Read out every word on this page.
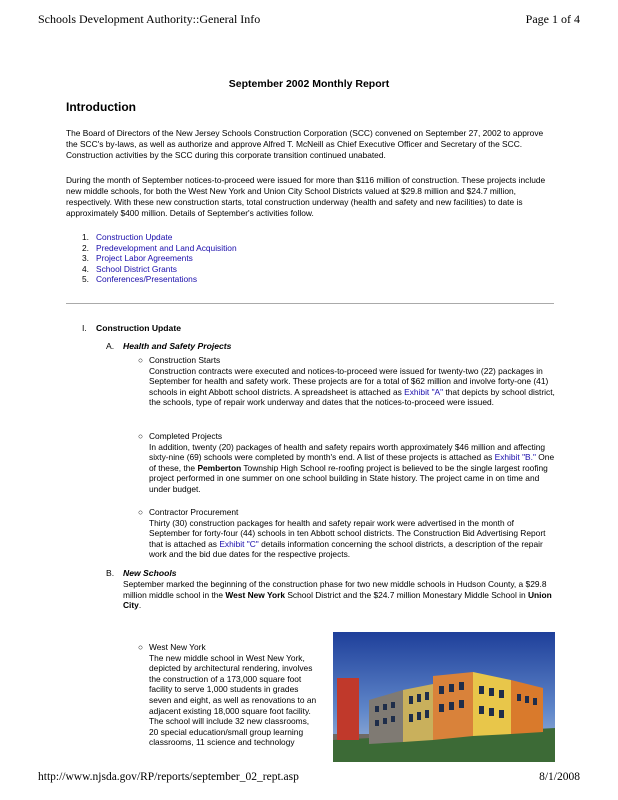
Schools Development Authority::General Info	Page 1 of 4
September 2002 Monthly Report
Introduction
The Board of Directors of the New Jersey Schools Construction Corporation (SCC) convened on September 27, 2002 to approve the SCC's by-laws, as well as authorize and approve Alfred T. McNeill as Chief Executive Officer and Secretary of the SCC. Construction activities by the SCC during this corporate transition continued unabated.
During the month of September notices-to-proceed were issued for more than $116 million of construction. These projects include new middle schools, for both the West New York and Union City School Districts valued at $29.8 million and $24.7 million, respectively. With these new construction starts, total construction underway (health and safety and new facilities) to date is approximately $400 million. Details of September's activities follow.
1. Construction Update
2. Predevelopment and Land Acquisition
3. Project Labor Agreements
4. School District Grants
5. Conferences/Presentations
I. Construction Update
A. Health and Safety Projects
○ Construction Starts
Construction contracts were executed and notices-to-proceed were issued for twenty-two (22) packages in September for health and safety work. These projects are for a total of $62 million and involve forty-one (41) schools in eight Abbott school districts. A spreadsheet is attached as Exhibit "A" that depicts by school district, the schools, type of repair work underway and dates that the notices-to-proceed were issued.
○ Completed Projects
In addition, twenty (20) packages of health and safety repairs worth approximately $46 million and affecting sixty-nine (69) schools were completed by month's end. A list of these projects is attached as Exhibit "B." One of these, the Pemberton Township High School re-roofing project is believed to be the single largest roofing project performed in one summer on one school building in State history. The project came in on time and under budget.
○ Contractor Procurement
Thirty (30) construction packages for health and safety repair work were advertised in the month of September for forty-four (44) schools in ten Abbott school districts. The Construction Bid Advertising Report that is attached as Exhibit "C" details information concerning the school districts, a description of the repair work and the bid due dates for the respective projects.
B. New Schools
September marked the beginning of the construction phase for two new middle schools in Hudson County, a $29.8 million middle school in the West New York School District and the $24.7 million Monestary Middle School in Union City.
○ West New York
The new middle school in West New York, depicted by architectural rendering, involves the construction of a 173,000 square foot facility to serve 1,000 students in grades seven and eight, as well as renovations to an adjacent existing 18,000 square foot facility. The school will include 32 new classrooms, 20 special education/small group learning classrooms, 11 science and technology
http://www.njsda.gov/RP/reports/september_02_rept.asp	8/1/2008
